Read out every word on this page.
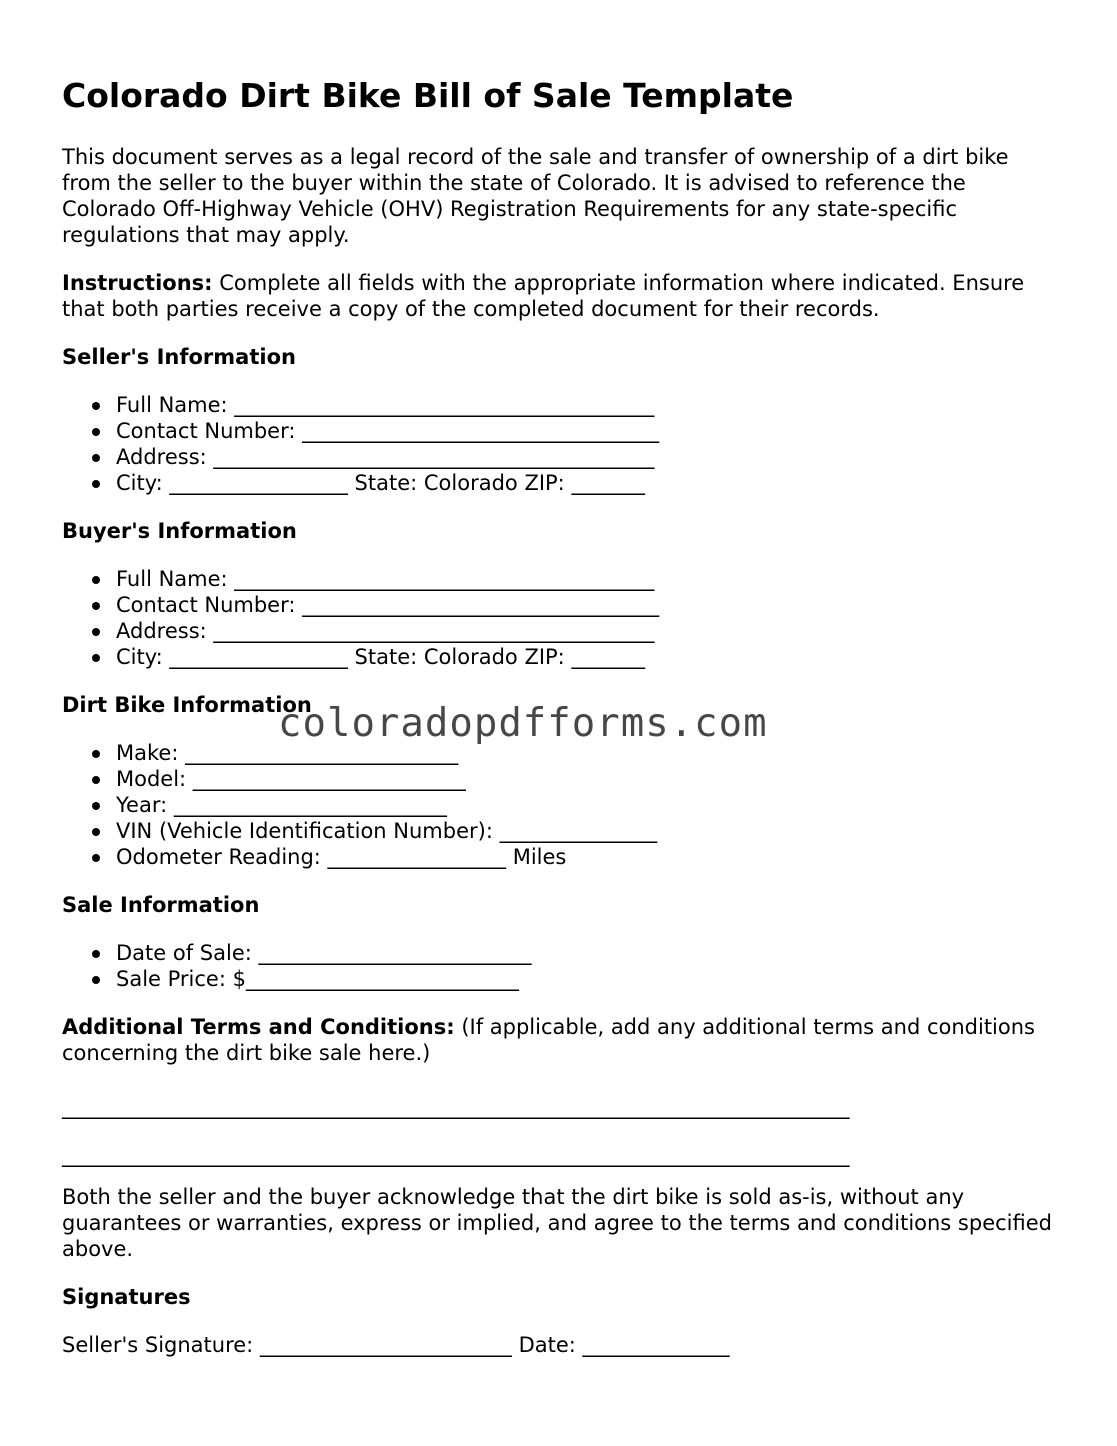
Colorado Dirt Bike Bill of Sale Template

This document serves as a legal record of the sale and transfer of ownership of a dirt bike from the seller to the buyer within the state of Colorado. It is advised to reference the Colorado Off-Highway Vehicle (OHV) Registration Requirements for any state-specific regulations that may apply.

Instructions: Complete all fields with the appropriate information where indicated. Ensure that both parties receive a copy of the completed document for their records.

Seller's Information
Full Name: ________________________________________
Contact Number: __________________________________
Address: __________________________________________
City: _________________ State: Colorado ZIP: _______
Buyer's Information
Full Name: ________________________________________
Contact Number: __________________________________
Address: __________________________________________
City: _________________ State: Colorado ZIP: _______
Dirt Bike Information
Make: __________________________
Model: __________________________
Year: __________________________
VIN (Vehicle Identification Number): _______________
Odometer Reading: _________________ Miles
Sale Information
Date of Sale: __________________________
Sale Price: $__________________________

Additional Terms and Conditions: (If applicable, add any additional terms and conditions concerning the dirt bike sale here.)

___________________________________________________________________________
___________________________________________________________________________

Both the seller and the buyer acknowledge that the dirt bike is sold as-is, without any guarantees or warranties, express or implied, and agree to the terms and conditions specified above.

Signatures
Seller's Signature: ________________________ Date: ______________
coloradopdfforms.com
